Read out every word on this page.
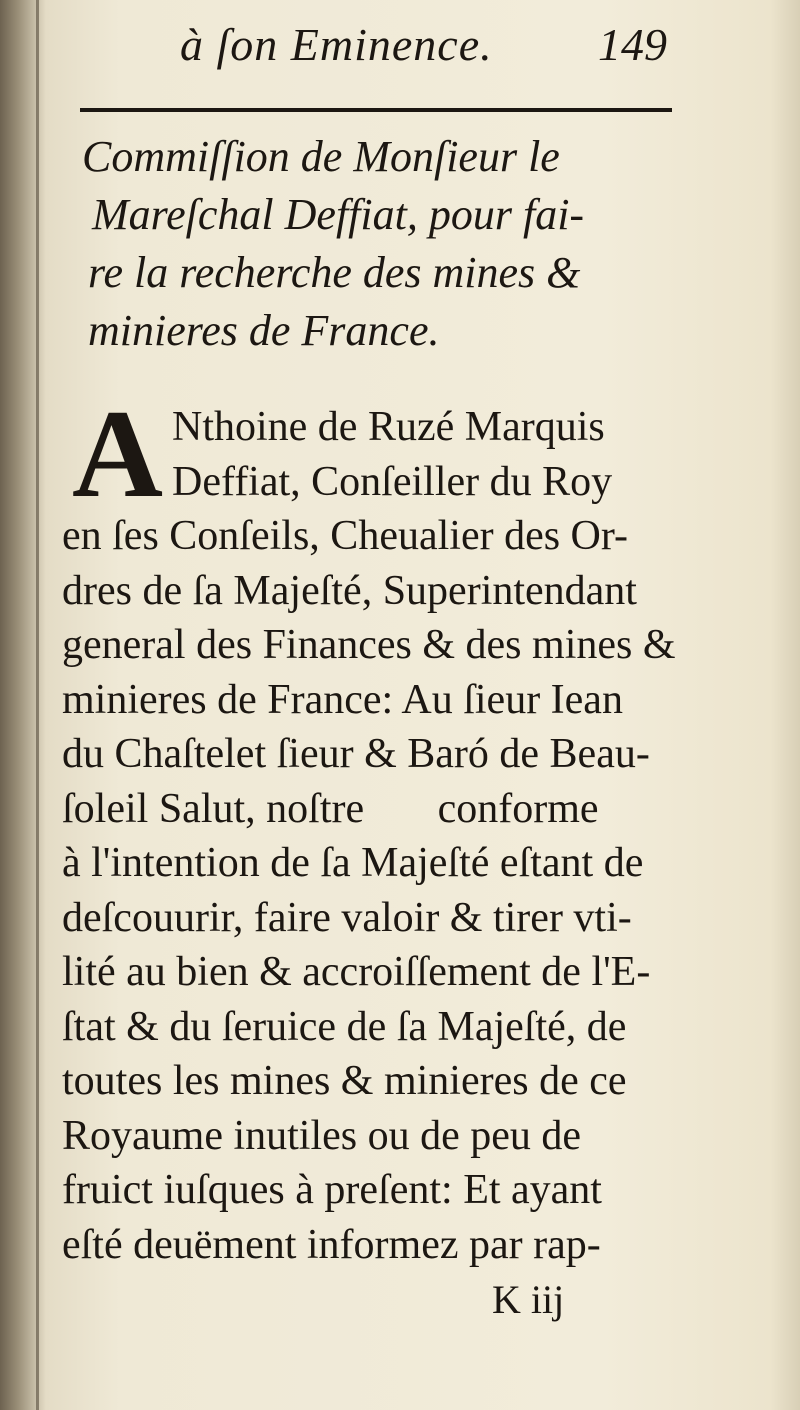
à ſon Eminence. 149
Commiſſion de Monſieur le
Mareſchal Deffiat, pour fai-
re la recherche des mines &
minieres de France.
A Nthoine de Ruzé Marquis
Deffiat, Conſeiller du Roy
en ſes Conſeils, Cheualier des Or-
dres de ſa Majeſté, Superintendant
general des Finances & des mines &
minieres de France: Au ſieur Iean
du Chaſtelet ſieur & Baró de Beau-
ſoleil Salut, noſtre       conforme
à l'intention de ſa Majeſté eſtant de
deſcouurir, faire valoir & tirer vti-
lité au bien & accroiſſement de l'E-
ſtat & du ſeruice de ſa Majeſté, de
toutes les mines & minieres de ce
Royaume inutiles ou de peu de
fruict iuſques à preſent: Et ayant
eſté deuëment informez par rap-
K iij
